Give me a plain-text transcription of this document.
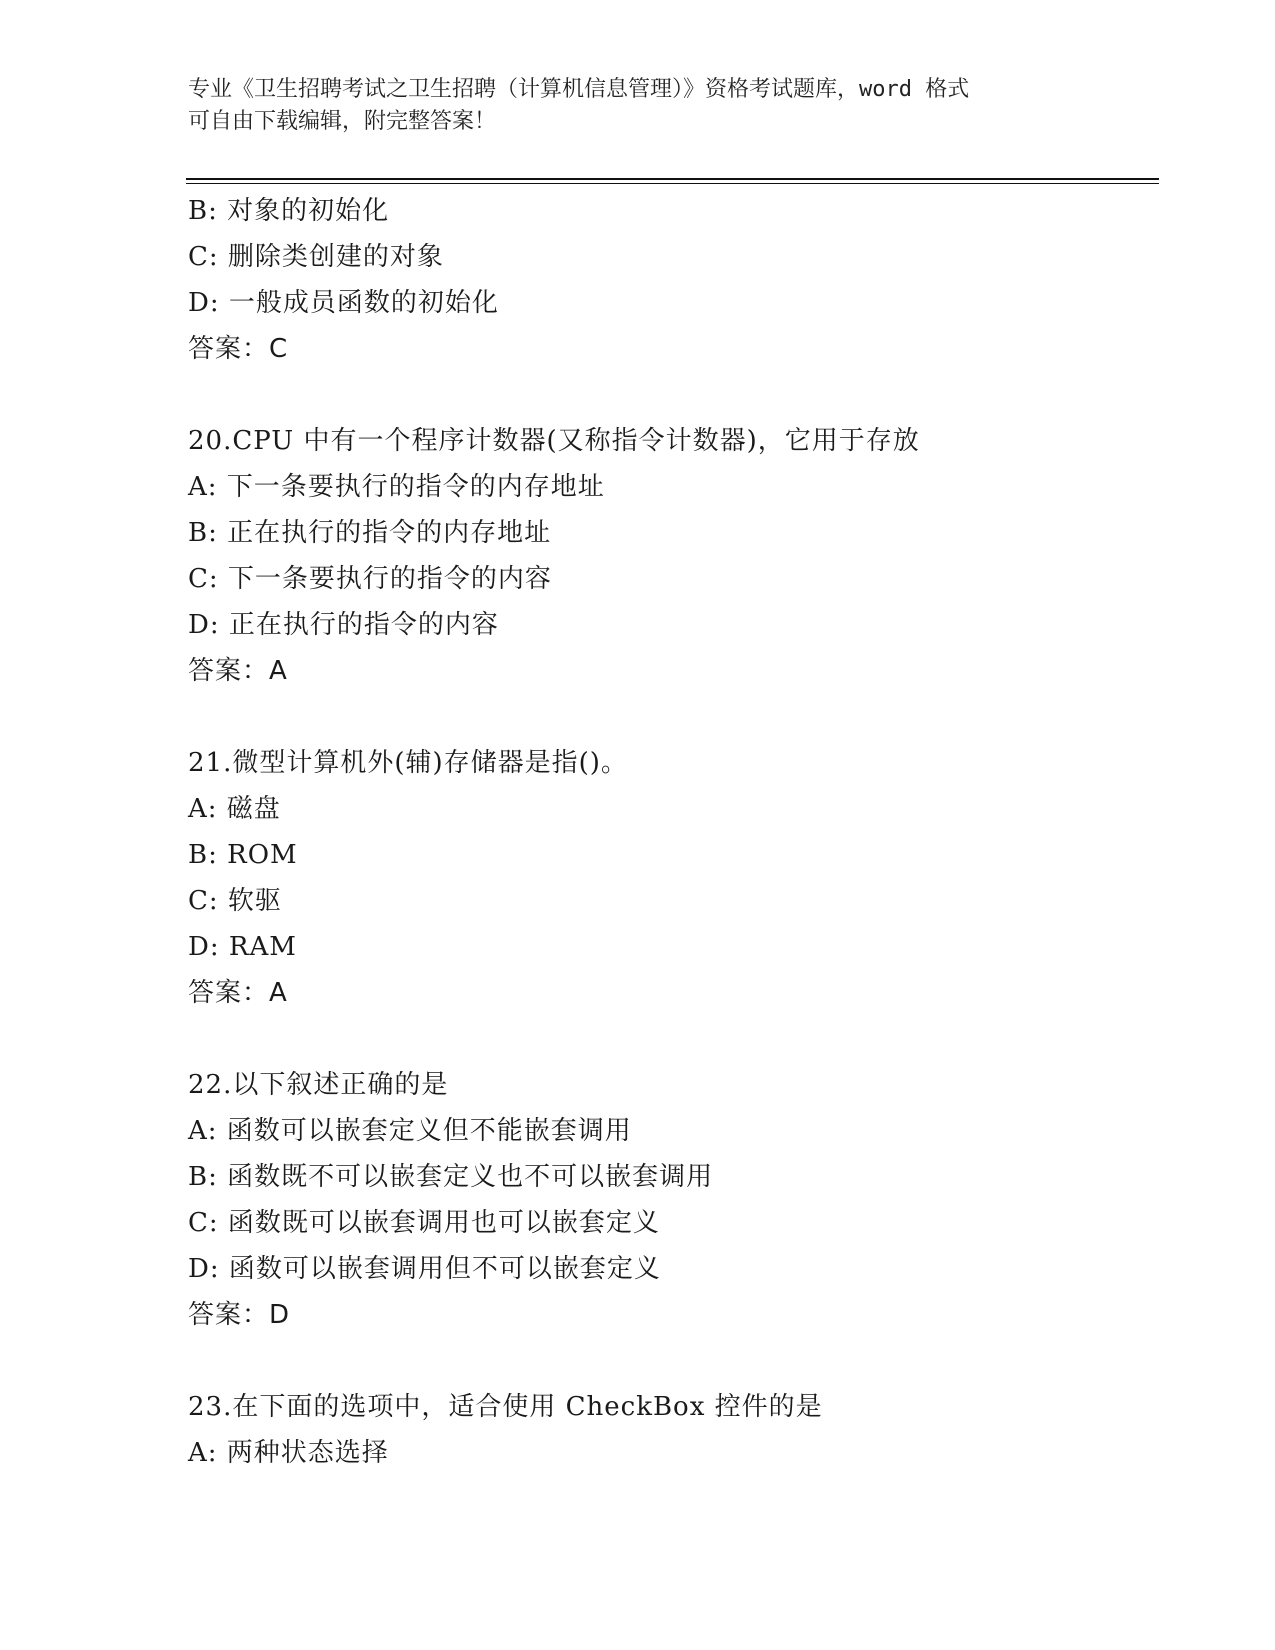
专业《卫生招聘考试之卫生招聘（计算机信息管理）》资格考试题库，word 格式
可自由下载编辑，附完整答案！
B: 对象的初始化
C: 删除类创建的对象
D: 一般成员函数的初始化
答案：C
20.CPU 中有一个程序计数器(又称指令计数器)，它用于存放
A: 下一条要执行的指令的内存地址
B: 正在执行的指令的内存地址
C: 下一条要执行的指令的内容
D: 正在执行的指令的内容
答案：A
21.微型计算机外(辅)存储器是指()。
A: 磁盘
B: ROM
C: 软驱
D: RAM
答案：A
22.以下叙述正确的是
A: 函数可以嵌套定义但不能嵌套调用
B: 函数既不可以嵌套定义也不可以嵌套调用
C: 函数既可以嵌套调用也可以嵌套定义
D: 函数可以嵌套调用但不可以嵌套定义
答案：D
23.在下面的选项中，适合使用 CheckBox 控件的是
A: 两种状态选择
